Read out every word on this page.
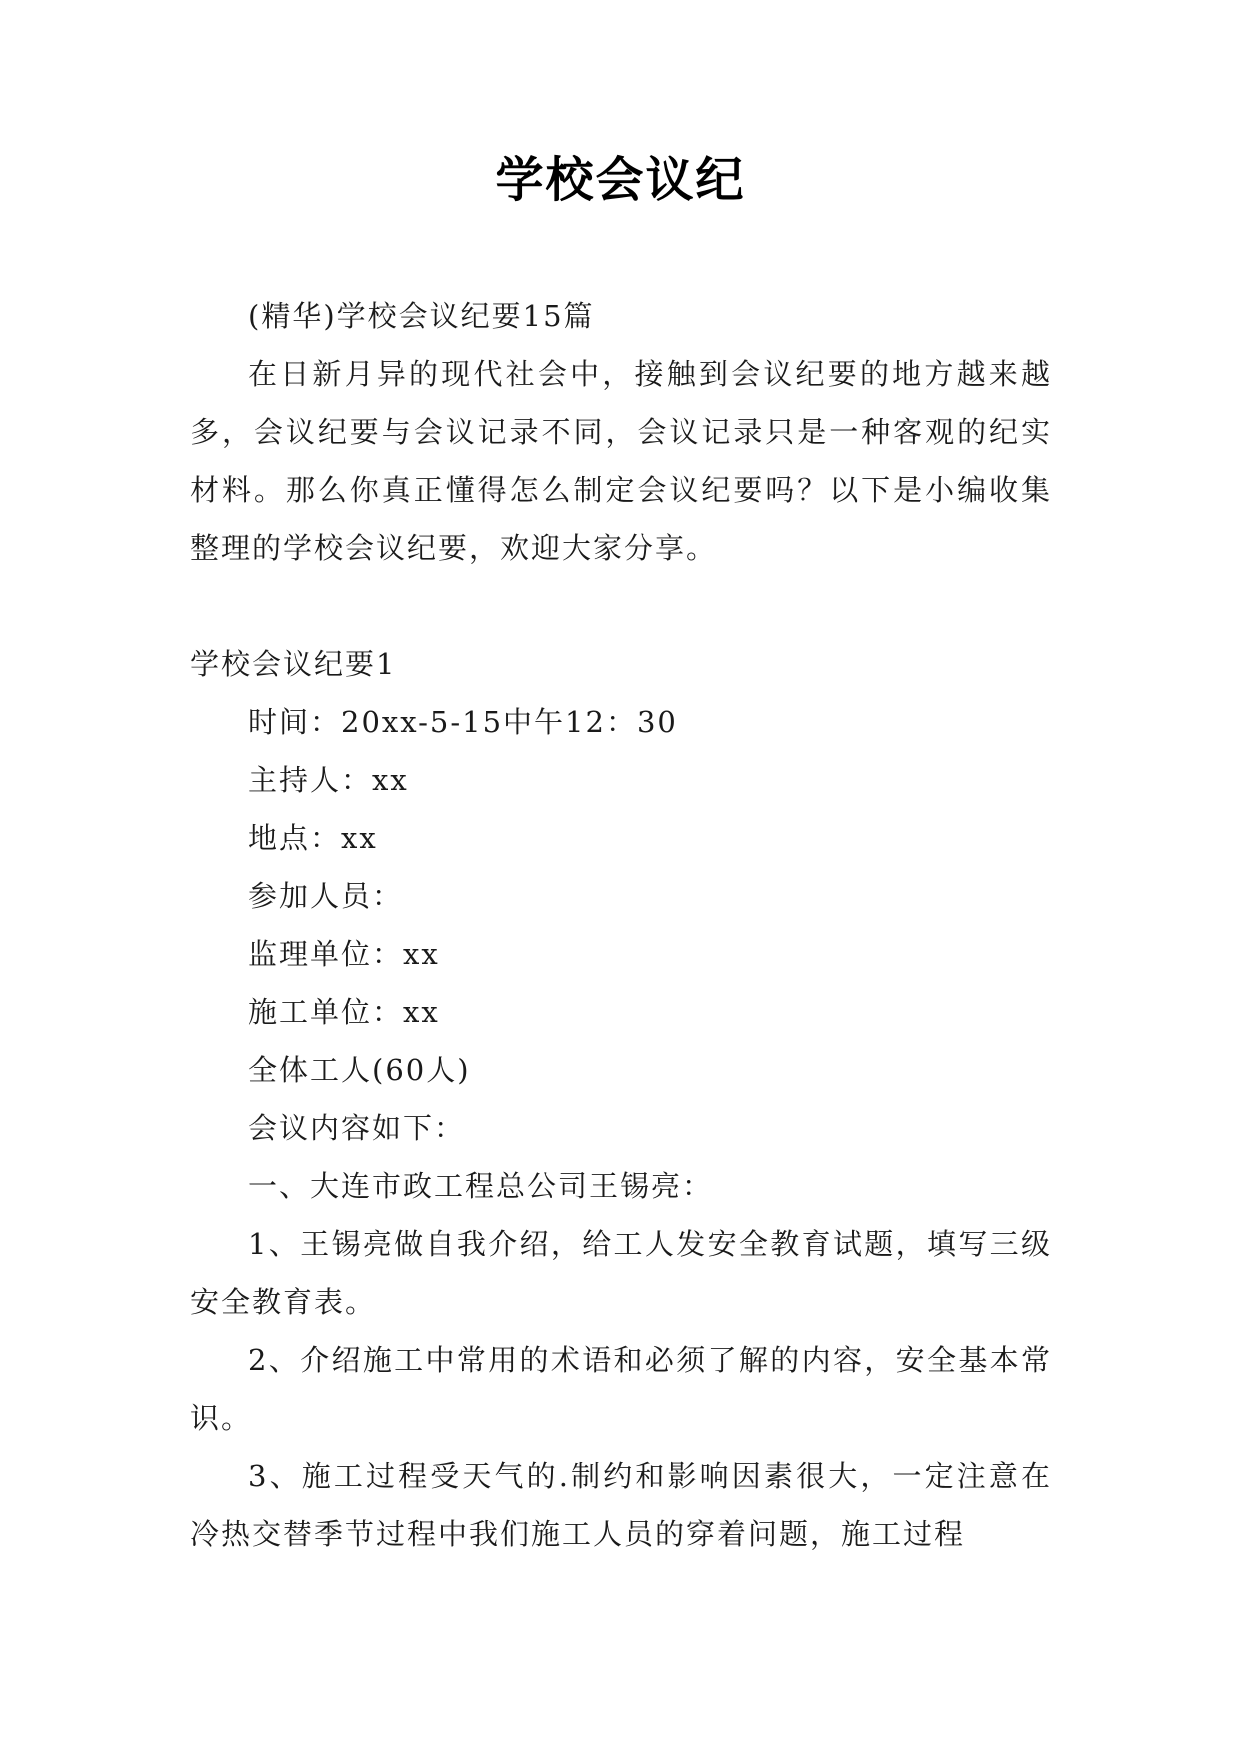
学校会议纪

(精华)学校会议纪要15篇

在日新月异的现代社会中，接触到会议纪要的地方越来越多，会议纪要与会议记录不同，会议记录只是一种客观的纪实材料。那么你真正懂得怎么制定会议纪要吗？以下是小编收集整理的学校会议纪要，欢迎大家分享。

学校会议纪要1

时间：20xx-5-15中午12：30

主持人：xx

地点：xx

参加人员：

监理单位：xx

施工单位：xx

全体工人(60人)

会议内容如下：

一、大连市政工程总公司王锡亮：

1、王锡亮做自我介绍，给工人发安全教育试题，填写三级安全教育表。

2、介绍施工中常用的术语和必须了解的内容，安全基本常识。

3、施工过程受天气的.制约和影响因素很大，一定注意在冷热交替季节过程中我们施工人员的穿着问题，施工过程
